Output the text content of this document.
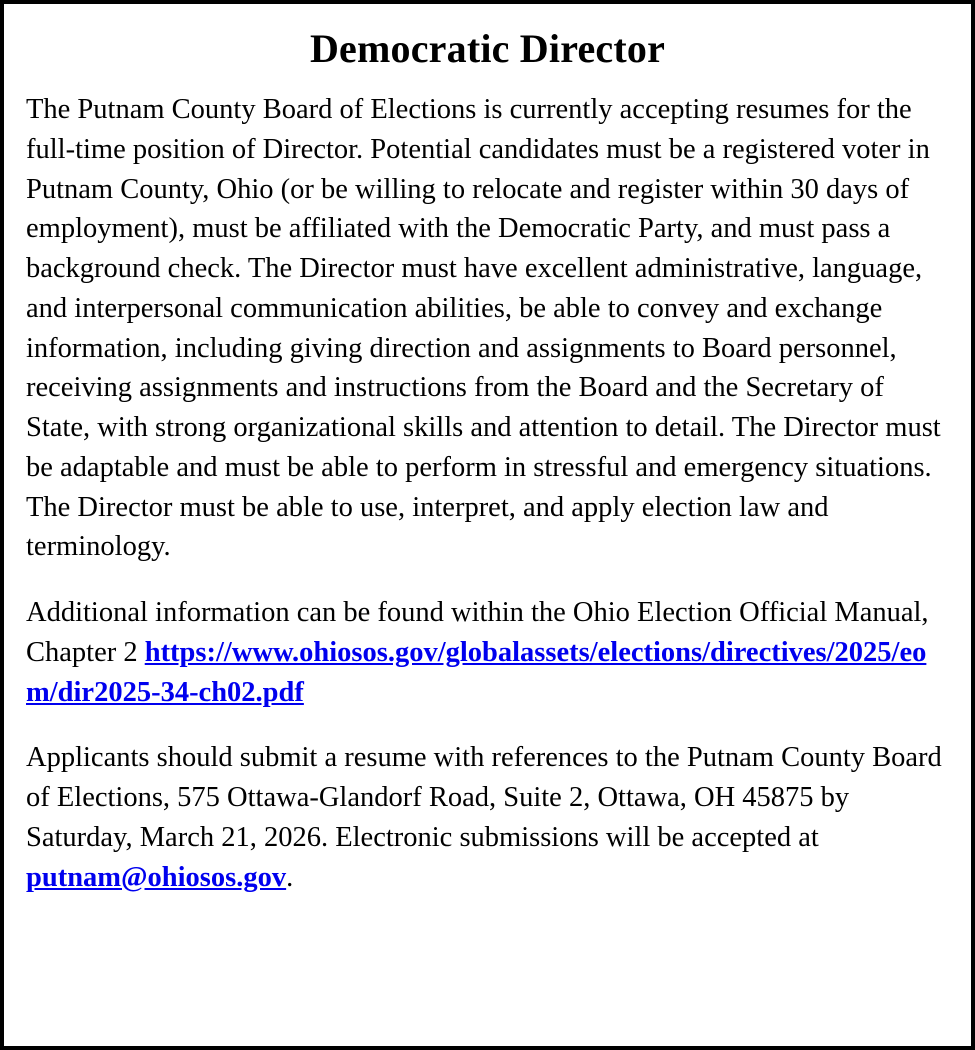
Democratic Director

The Putnam County Board of Elections is currently accepting resumes for the full-time position of Director. Potential candidates must be a registered voter in Putnam County, Ohio (or be willing to relocate and register within 30 days of employment), must be affiliated with the Democratic Party, and must pass a background check. The Director must have excellent administrative, language, and interpersonal communication abilities, be able to convey and exchange information, including giving direction and assignments to Board personnel, receiving assignments and instructions from the Board and the Secretary of State, with strong organizational skills and attention to detail. The Director must be adaptable and must be able to perform in stressful and emergency situations. The Director must be able to use, interpret, and apply election law and terminology.

Additional information can be found within the Ohio Election Official Manual, Chapter 2 https://www.ohiosos.gov/globalassets/elections/directives/2025/eom/dir2025-34-ch02.pdf

Applicants should submit a resume with references to the Putnam County Board of Elections, 575 Ottawa-Glandorf Road, Suite 2, Ottawa, OH 45875 by Saturday, March 21, 2026. Electronic submissions will be accepted at putnam@ohiosos.gov.
